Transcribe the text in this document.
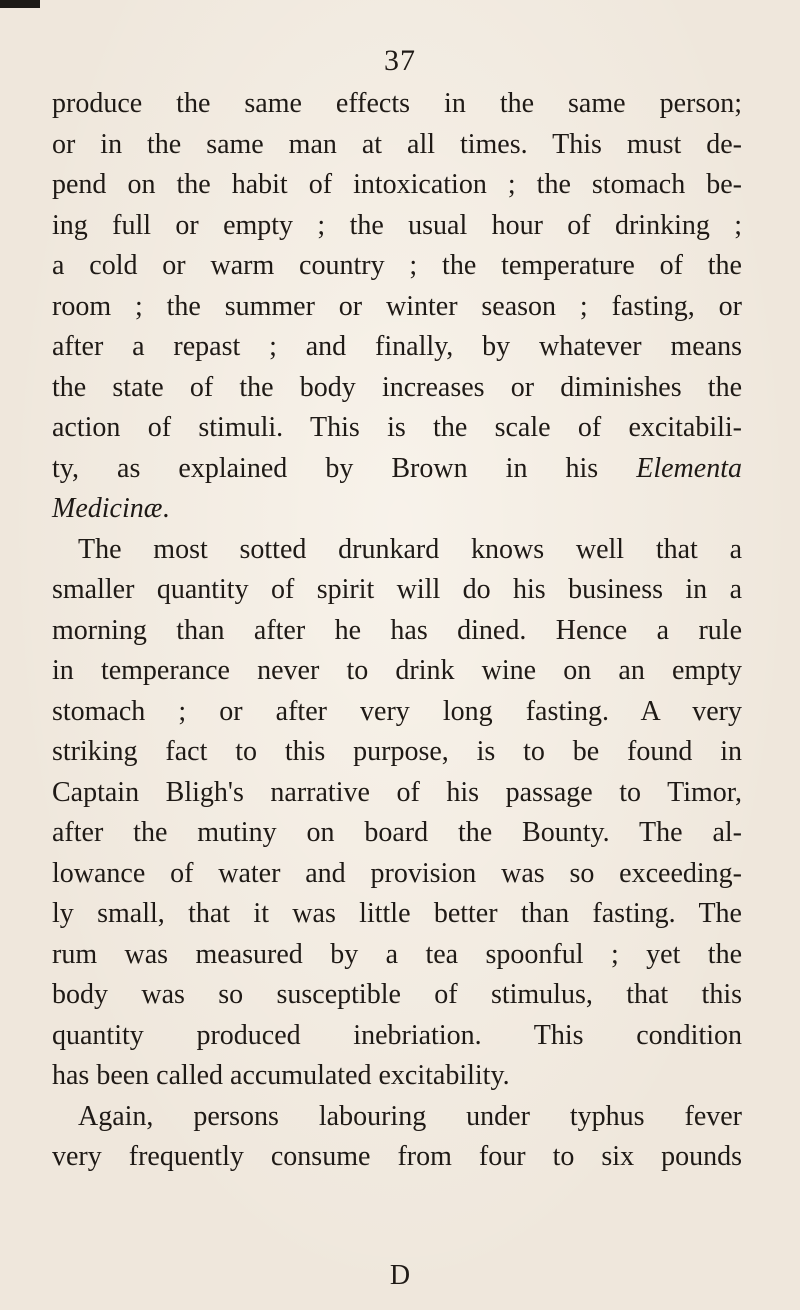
37
produce the same effects in the same person;
or in the same man at all times. This must de-
pend on the habit of intoxication ; the stomach be-
ing full or empty ; the usual hour of drinking ;
a cold or warm country ; the temperature of the
room ; the summer or winter season ; fasting, or
after a repast ; and finally, by whatever means
the state of the body increases or diminishes the
action of stimuli. This is the scale of excitabili-
ty, as explained by Brown in his Elementa
Medicinæ.
The most sotted drunkard knows well that a
smaller quantity of spirit will do his business in a
morning than after he has dined. Hence a rule
in temperance never to drink wine on an empty
stomach ; or after very long fasting. A very
striking fact to this purpose, is to be found in
Captain Bligh's narrative of his passage to Timor,
after the mutiny on board the Bounty. The al-
lowance of water and provision was so exceeding-
ly small, that it was little better than fasting. The
rum was measured by a tea spoonful ; yet the
body was so susceptible of stimulus, that this
quantity produced inebriation. This condition
has been called accumulated excitability.
Again, persons labouring under typhus fever
very frequently consume from four to six pounds
D
